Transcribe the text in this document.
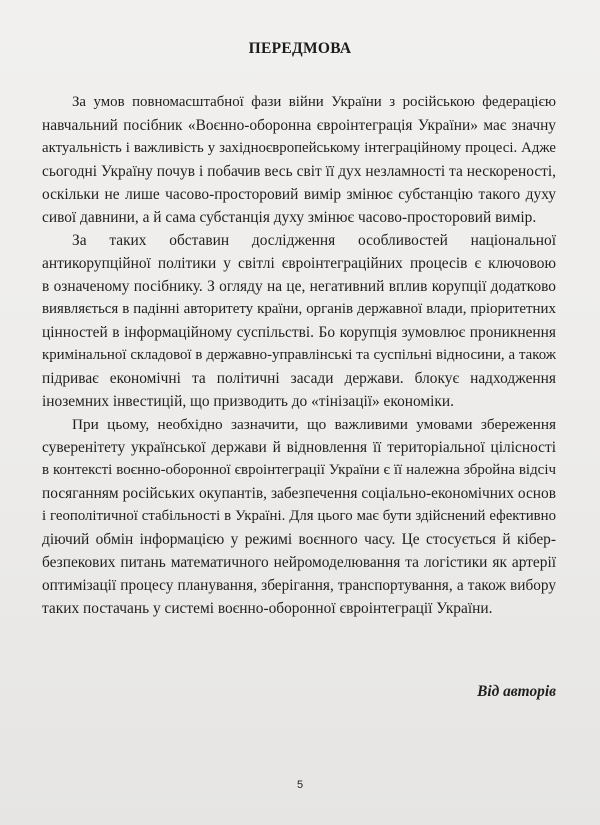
ПЕРЕДМОВА

За умов повномасштабної фази війни України з російською федерацією
навчальний посібник «Воєнно-оборонна євроінтеграція України» має значну
актуальність і важливість у західноєвропейському інтеграційному процесі. Адже
сьогодні Україну почув і побачив весь світ її дух незламності та нескореності,
оскільки не лише часово-просторовий вимір змінює субстанцію такого духу
сивої давнини, а й сама субстанція духу змінює часово-просторовий вимір.

За таких обставин дослідження особливостей національної
антикорупційної політики у світлі євроінтеграційних процесів є ключовою
в означеному посібнику. З огляду на це, негативний вплив корупції додатково
виявляється в падінні авторитету країни, органів державної влади, пріоритетних
цінностей в інформаційному суспільстві. Бо корупція зумовлює проникнення
кримінальної складової в державно-управлінські та суспільні відносини, а також
підриває економічні та політичні засади держави. блокує надходження
іноземних інвестицій, що призводить до «тінізації» економіки.

При цьому, необхідно зазначити, що важливими умовами збереження
суверенітету української держави й відновлення її територіальної цілісності
в контексті воєнно-оборонної євроінтеграції України є її належна збройна відсіч
посяганням російських окупантів, забезпечення соціально-економічних основ
і геополітичної стабільності в Україні. Для цього має бути здійснений ефективно
діючий обмін інформацією у режимі воєнного часу. Це стосується й кібер-
безпекових питань математичного нейромоделювання та логістики як артерії
оптимізації процесу планування, зберігання, транспортування, а також вибору
таких постачань у системі воєнно-оборонної євроінтеграції України.

Від авторів
5
